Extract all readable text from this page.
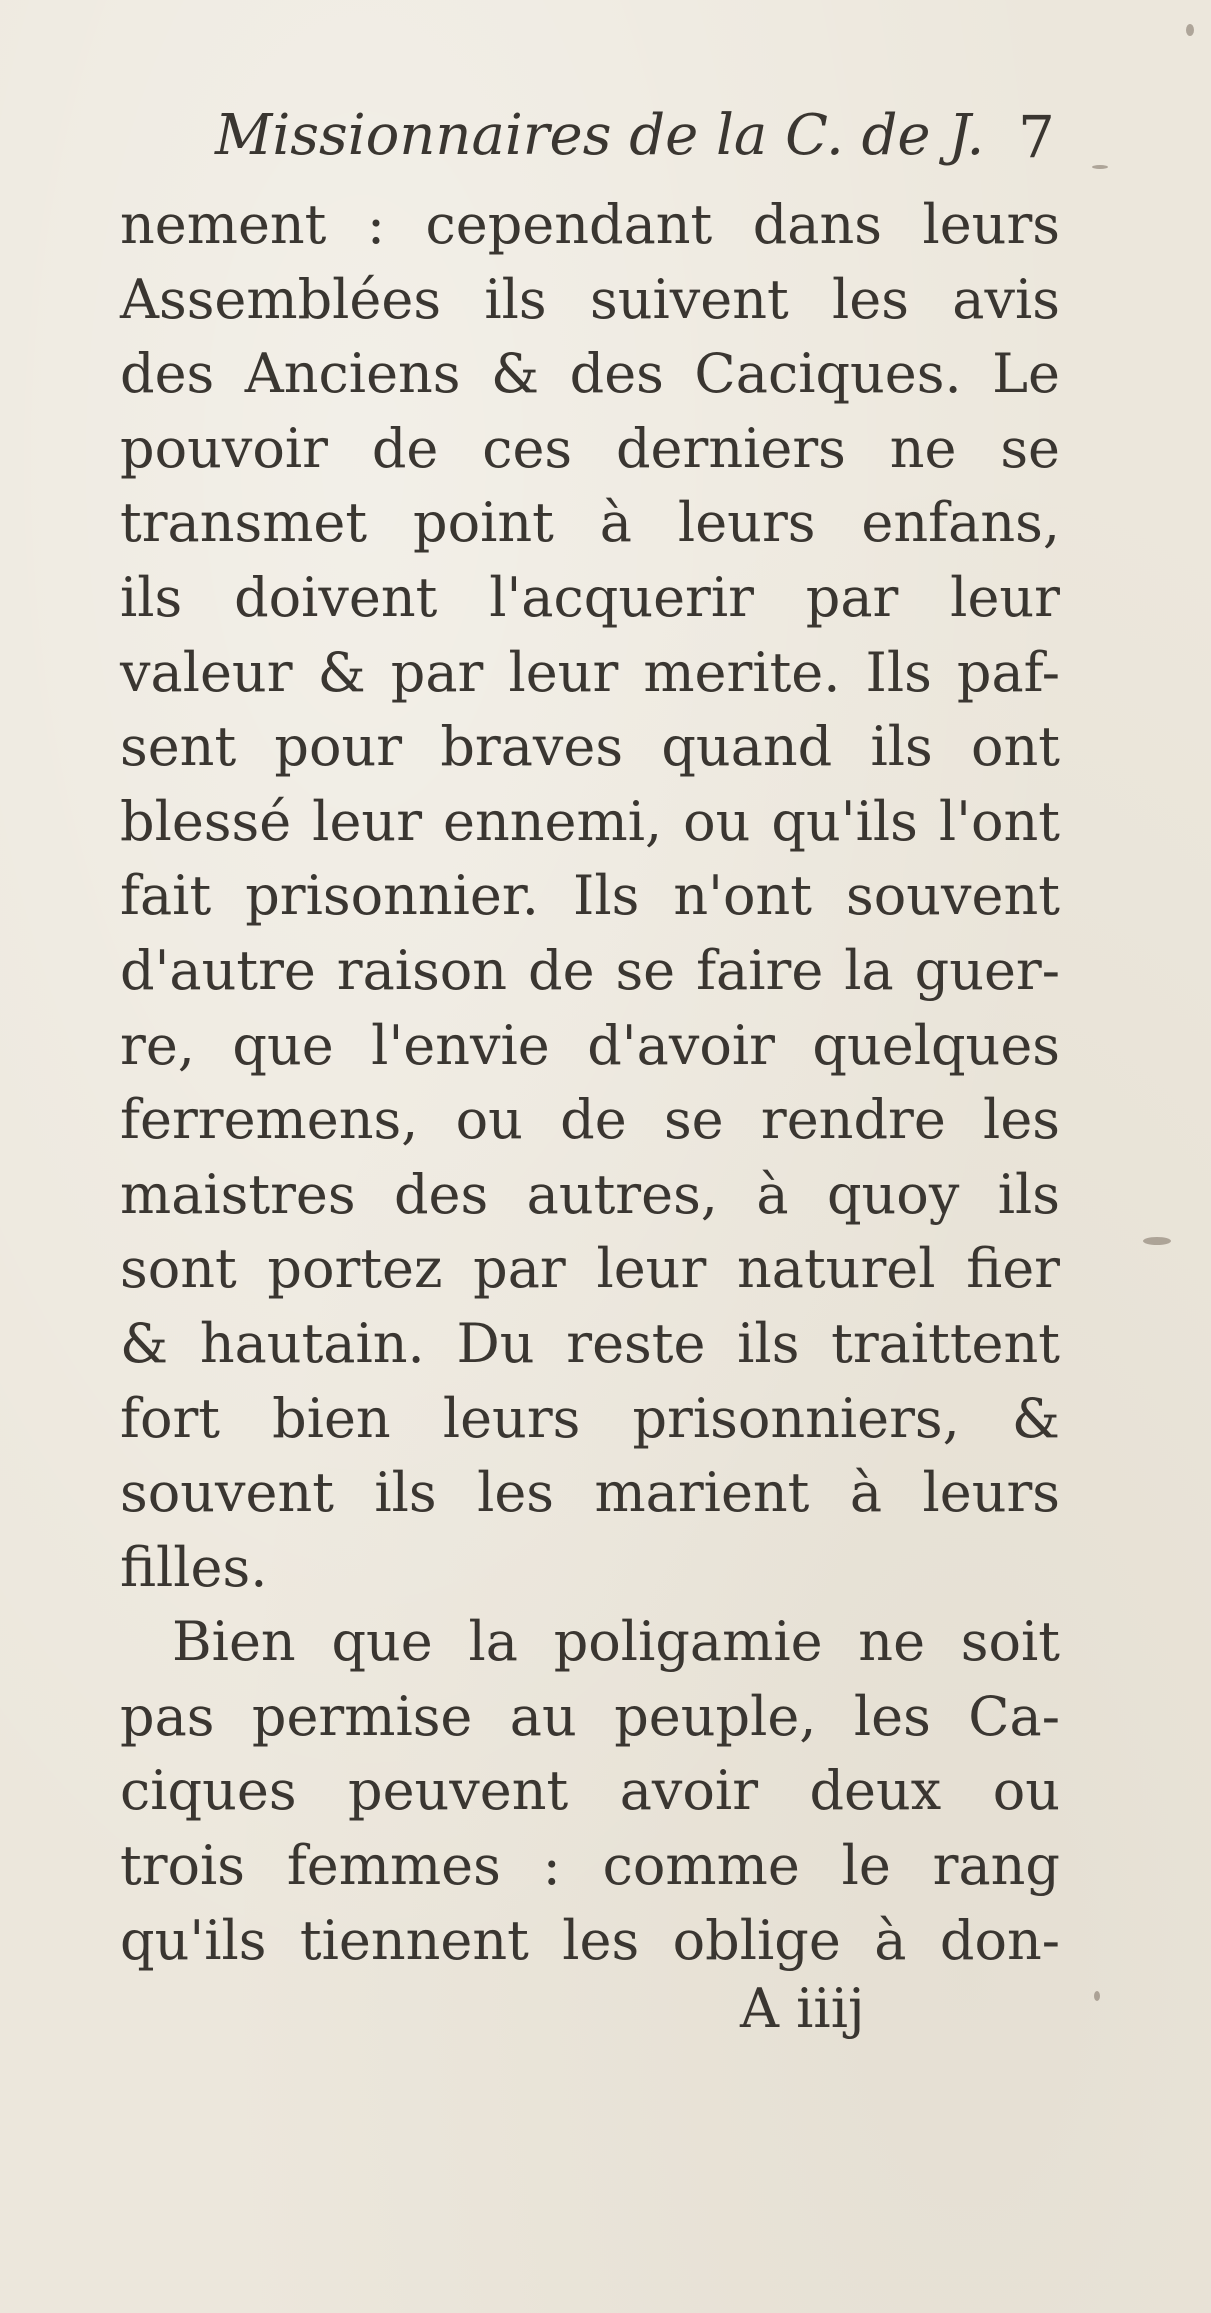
Missionnaires de la C. de J. 7
nement : cependant dans leurs
Assemblées ils suivent les avis
des Anciens & des Caciques. Le
pouvoir de ces derniers ne se
transmet point à leurs enfans,
ils doivent l'acquerir par leur
valeur & par leur merite. Ils paf-
sent pour braves quand ils ont
blessé leur ennemi, ou qu'ils l'ont
fait prisonnier. Ils n'ont souvent
d'autre raison de se faire la guer-
re, que l'envie d'avoir quelques
ferremens, ou de se rendre les
maistres des autres, à quoy ils
sont portez par leur naturel fier
& hautain. Du reste ils traittent
fort bien leurs prisonniers, &
souvent ils les marient à leurs
filles.
Bien que la poligamie ne soit
pas permise au peuple, les Ca-
ciques peuvent avoir deux ou
trois femmes : comme le rang
qu'ils tiennent les oblige à don-
A iiij
